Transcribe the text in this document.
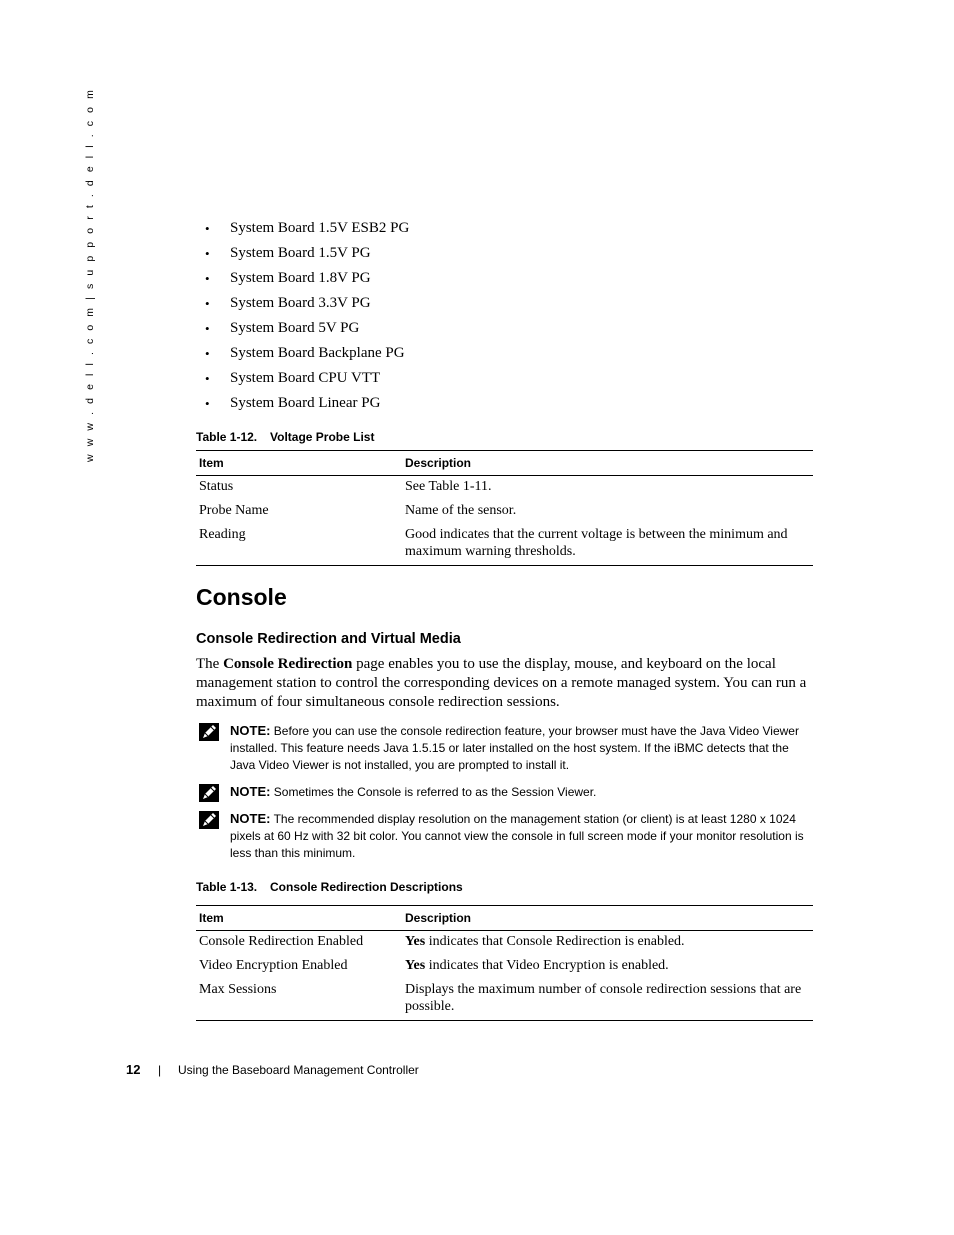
w w w . d e l l . c o m | s u p p o r t . d e l l . c o m	• System Board 1.5V ESB2 PG
• System Board 1.5V PG
• System Board 1.8V PG
• System Board 3.3V PG
• System Board 5V PG
• System Board Backplane PG
• System Board CPU VTT
• System Board Linear PG
Table 1-12. Voltage Probe List
Item	Description
Status	See Table 1-11.
Probe Name	Name of the sensor.
Reading	Good indicates that the current voltage is between the minimum and maximum warning thresholds.
Console
Console Redirection and Virtual Media

The Console Redirection page enables you to use the display, mouse, and keyboard on the local management station to control the corresponding devices on a remote managed system. You can run a maximum of four simultaneous console redirection sessions.

NOTE: Before you can use the console redirection feature, your browser must have the Java Video Viewer installed. This feature needs Java 1.5.15 or later installed on the host system. If the iBMC detects that the Java Video Viewer is not installed, you are prompted to install it.
NOTE: Sometimes the Console is referred to as the Session Viewer.
NOTE: The recommended display resolution on the management station (or client) is at least 1280 x 1024 pixels at 60 Hz with 32 bit color. You cannot view the console in full screen mode if your monitor resolution is less than this minimum.
Table 1-13. Console Redirection Descriptions
Item	Description
Console Redirection Enabled	Yes indicates that Console Redirection is enabled.
Video Encryption Enabled	Yes indicates that Video Encryption is enabled.
Max Sessions	Displays the maximum number of console redirection sessions that are possible.
12 | Using the Baseboard Management Controller
